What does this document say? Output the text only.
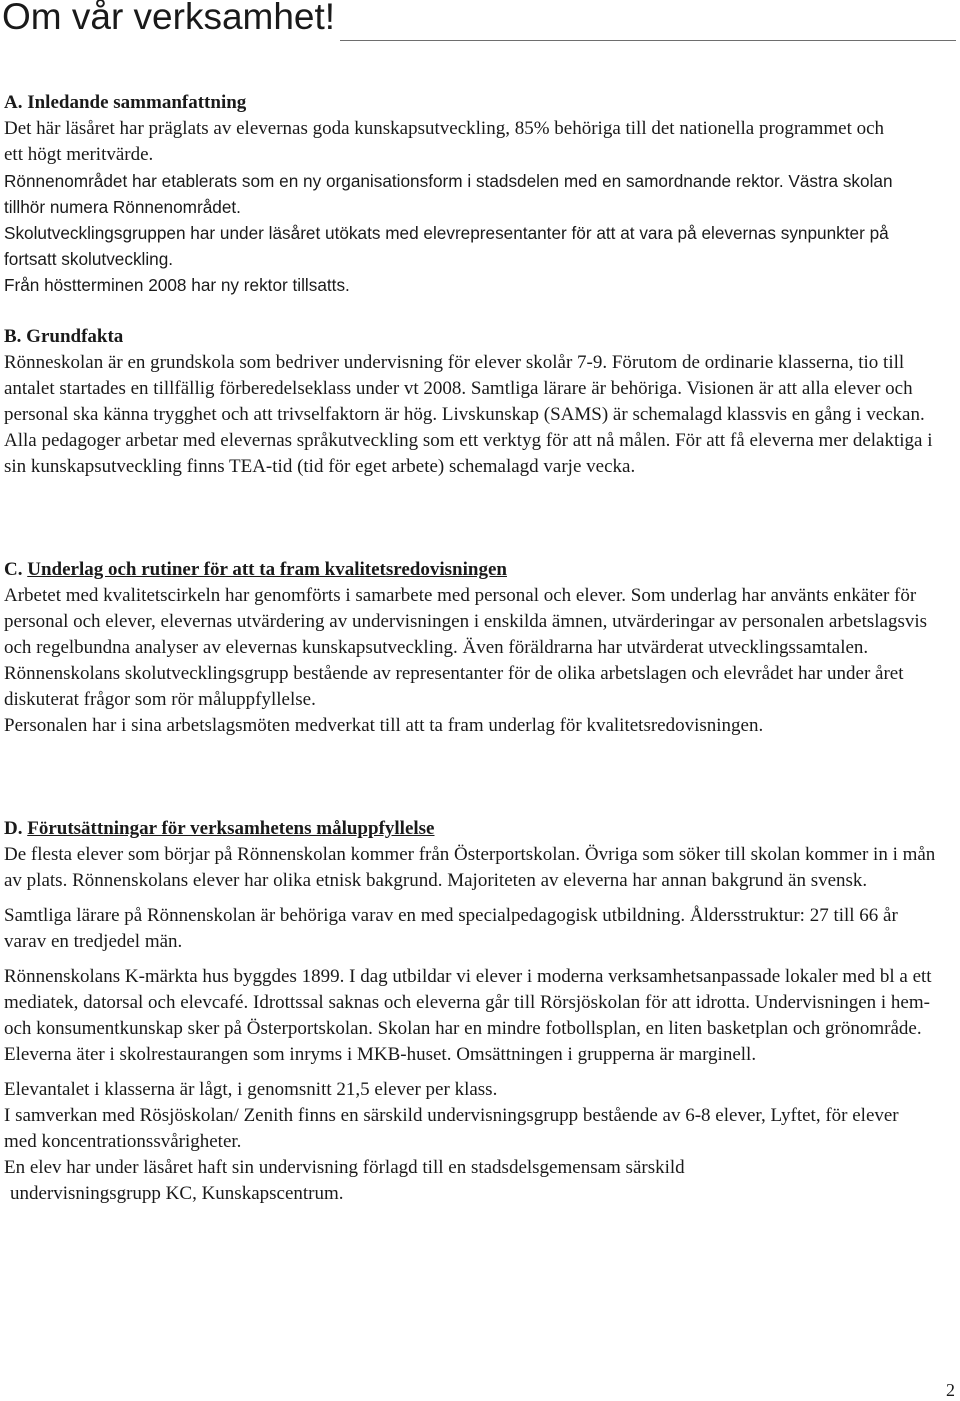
Om vår verksamhet!

A. Inledande sammanfattning

Det här läsåret har präglats av elevernas goda kunskapsutveckling, 85% behöriga till det nationella programmet och ett högt meritvärde.

Rönnenområdet har etablerats som en ny organisationsform i stadsdelen med en samordnande rektor. Västra skolan tillhör numera Rönnenområdet.

Skolutvecklingsgruppen har under läsåret utökats med elevrepresentanter för att at vara på elevernas synpunkter på fortsatt skolutveckling.

Från höstterminen 2008 har ny rektor tillsatts.

B. Grundfakta

Rönneskolan är en grundskola som bedriver undervisning för elever skolår 7-9. Förutom de ordinarie klasserna, tio till antalet startades en tillfällig förberedelseklass under vt 2008. Samtliga lärare är behöriga. Visionen är att alla elever och personal ska känna trygghet och att trivselfaktorn är hög. Livskunskap (SAMS) är schemalagd klassvis en gång i veckan. Alla pedagoger arbetar med elevernas språkutveckling som ett verktyg för att nå målen. För att få eleverna mer delaktiga i sin kunskapsutveckling finns TEA-tid (tid för eget arbete) schemalagd varje vecka.

C. Underlag och rutiner för att ta fram kvalitetsredovisningen

Arbetet med kvalitetscirkeln har genomförts i samarbete med personal och elever. Som underlag har använts enkäter för personal och elever, elevernas utvärdering av undervisningen i enskilda ämnen, utvärderingar av personalen arbetslagsvis och regelbundna analyser av elevernas kunskapsutveckling. Även föräldrarna har utvärderat utvecklingssamtalen.

Rönnenskolans skolutvecklingsgrupp bestående av representanter för de olika arbetslagen och elevrådet har under året diskuterat frågor som rör måluppfyllelse.

Personalen har i sina arbetslagsmöten medverkat till att ta fram underlag för kvalitetsredovisningen.

D. Förutsättningar för verksamhetens måluppfyllelse

De flesta elever som börjar på Rönnenskolan kommer från Österportskolan. Övriga som söker till skolan kommer in i mån av plats. Rönnenskolans elever har olika etnisk bakgrund. Majoriteten av eleverna har annan bakgrund än svensk.

Samtliga lärare på Rönnenskolan är behöriga varav en med specialpedagogisk utbildning. Åldersstruktur: 27 till 66 år varav en tredjedel män.

Rönnenskolans K-märkta hus byggdes 1899. I dag utbildar vi elever i moderna verksamhetsanpassade lokaler med bl a ett mediatek, datorsal och elevcafé. Idrottssal saknas och eleverna går till Rörsjöskolan för att idrotta. Undervisningen i hem- och konsumentkunskap sker på Österportskolan. Skolan har en mindre fotbollsplan, en liten basketplan och grönområde. Eleverna äter i skolrestaurangen som inryms i MKB-huset. Omsättningen i grupperna är marginell.

Elevantalet i klasserna är lågt, i genomsnitt 21,5 elever per klass.

I samverkan med Rösjöskolan/ Zenith finns en särskild undervisningsgrupp bestående av 6-8 elever, Lyftet, för elever med koncentrationssvårigheter.

En elev har under läsåret haft sin undervisning förlagd till en stadsdelsgemensam särskild

undervisningsgrupp KC, Kunskapscentrum.

2
